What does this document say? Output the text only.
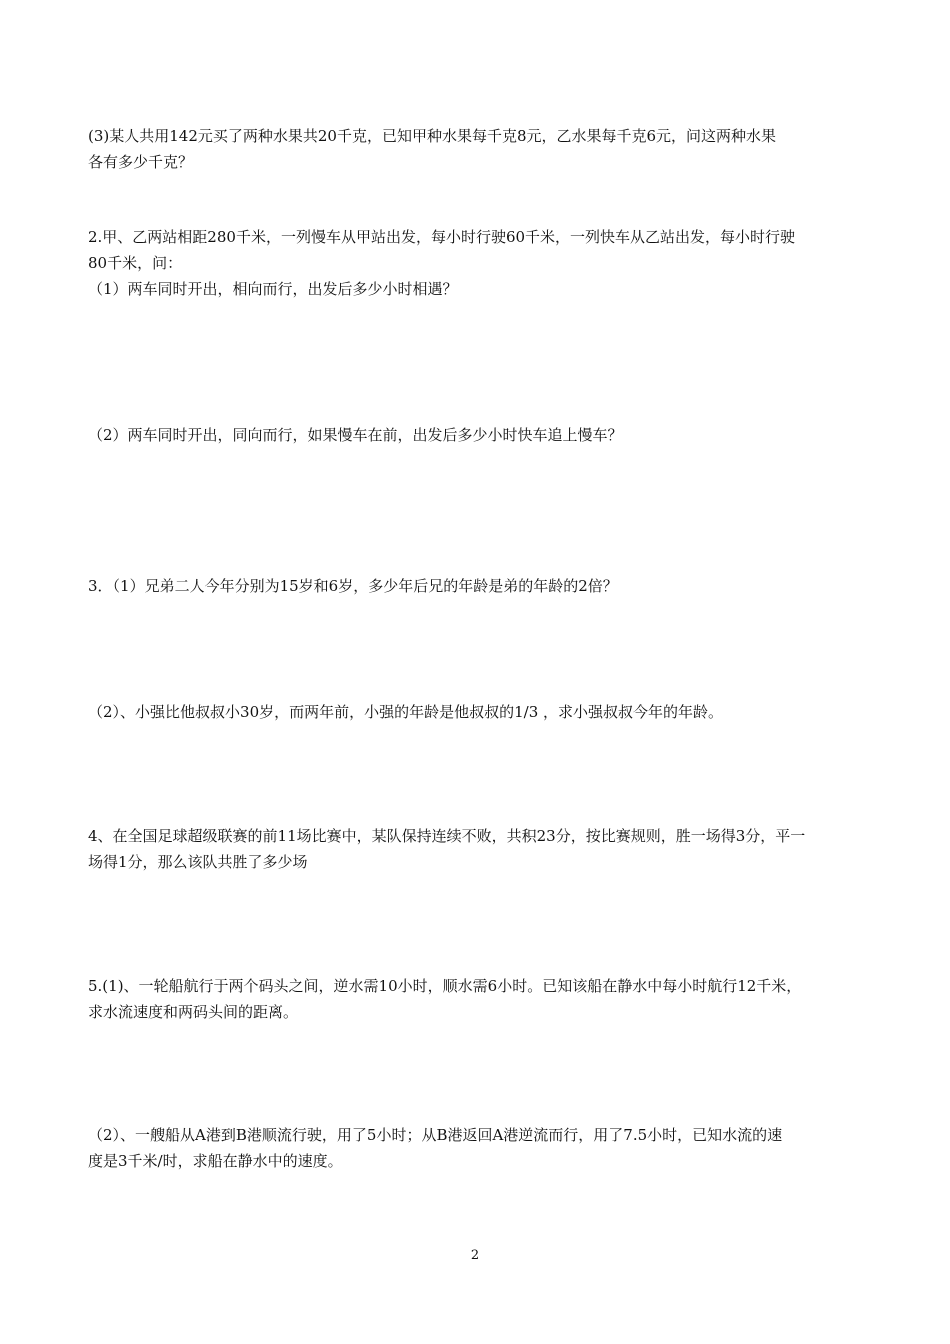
(3)某人共用142元买了两种水果共20千克，已知甲种水果每千克8元，乙水果每千克6元，问这两种水果

各有多少千克？

2.甲、乙两站相距280千米，一列慢车从甲站出发，每小时行驶60千米，一列快车从乙站出发，每小时行驶

80千米，问：

（1）两车同时开出，相向而行，出发后多少小时相遇？

（2）两车同时开出，同向而行，如果慢车在前，出发后多少小时快车追上慢车？

3．（1）兄弟二人今年分别为15岁和6岁，多少年后兄的年龄是弟的年龄的2倍？

（2）、小强比他叔叔小30岁，而两年前，小强的年龄是他叔叔的1/3 ，求小强叔叔今年的年龄。

4、在全国足球超级联赛的前11场比赛中，某队保持连续不败，共积23分，按比赛规则，胜一场得3分，平一

场得1分，那么该队共胜了多少场

5.(1)、一轮船航行于两个码头之间，逆水需10小时，顺水需6小时。已知该船在静水中每小时航行12千米，

求水流速度和两码头间的距离。

（2）、一艘船从A港到B港顺流行驶，用了5小时；从B港返回A港逆流而行，用了7.5小时，已知水流的速

度是3千米/时，求船在静水中的速度。

2
